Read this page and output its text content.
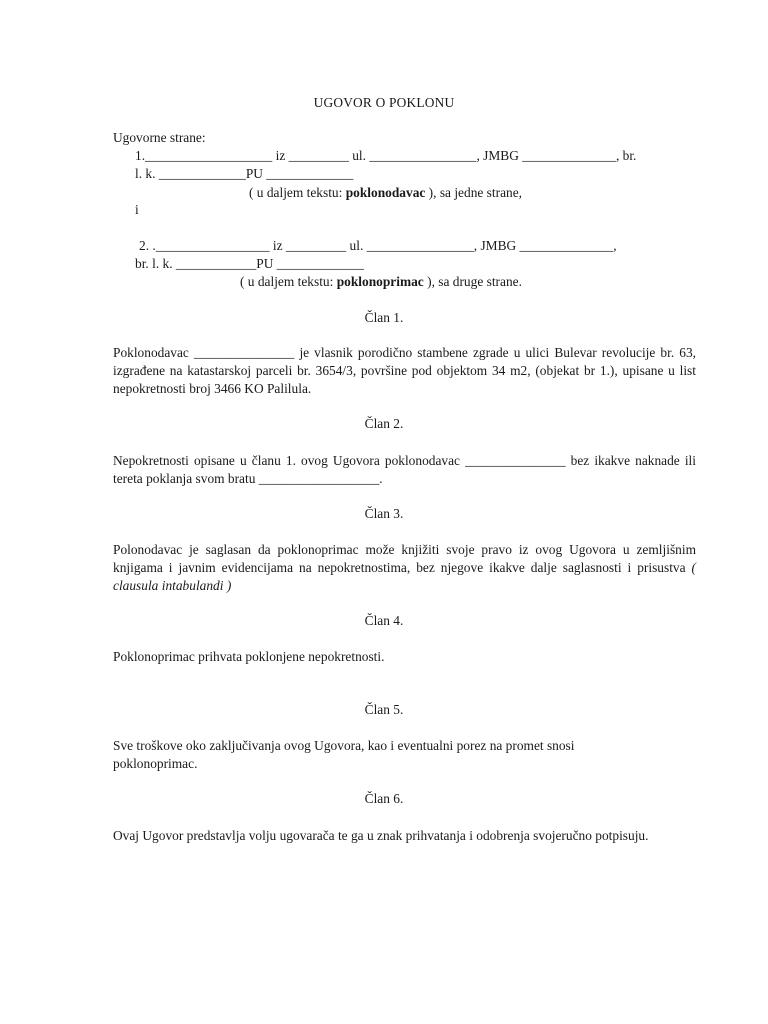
UGOVOR O POKLONU
Ugovorne strane:
1.___________________ iz _________ ul. ________________, JMBG ______________, br.
l. k. _____________PU _____________
( u daljem tekstu: poklonodavac ), sa jedne strane,
i
2. ._________________ iz _________ ul. ________________, JMBG ______________,
br. l. k. ____________PU _____________
( u daljem tekstu: poklonoprimac ), sa druge strane.
Član 1.
Poklonodavac _______________ je vlasnik porodično stambene zgrade u ulici Bulevar revolucije br. 63, izgrađene na katastarskoj parceli br. 3654/3, površine pod objektom 34 m2, (objekat br 1.), upisane u list nepokretnosti broj 3466 KO Palilula.
Član 2.
Nepokretnosti opisane u članu 1. ovog Ugovora poklonodavac _______________ bez ikakve naknade ili tereta poklanja svom bratu __________________.
Član 3.
Polonodavac je saglasan da poklonoprimac može knjižiti svoje pravo iz ovog Ugovora u zemljišnim knjigama i javnim evidencijama na nepokretnostima, bez njegove ikakve dalje saglasnosti i prisustva ( clausula intabulandi )
Član 4.
Poklonoprimac prihvata poklonjene nepokretnosti.
Član 5.
Sve troškove oko zaključivanja ovog Ugovora, kao i eventualni porez na promet snosi poklonoprimac.
Član 6.
Ovaj Ugovor predstavlja volju ugovarača te ga u znak prihvatanja i odobrenja svojeručno potpisuju.
